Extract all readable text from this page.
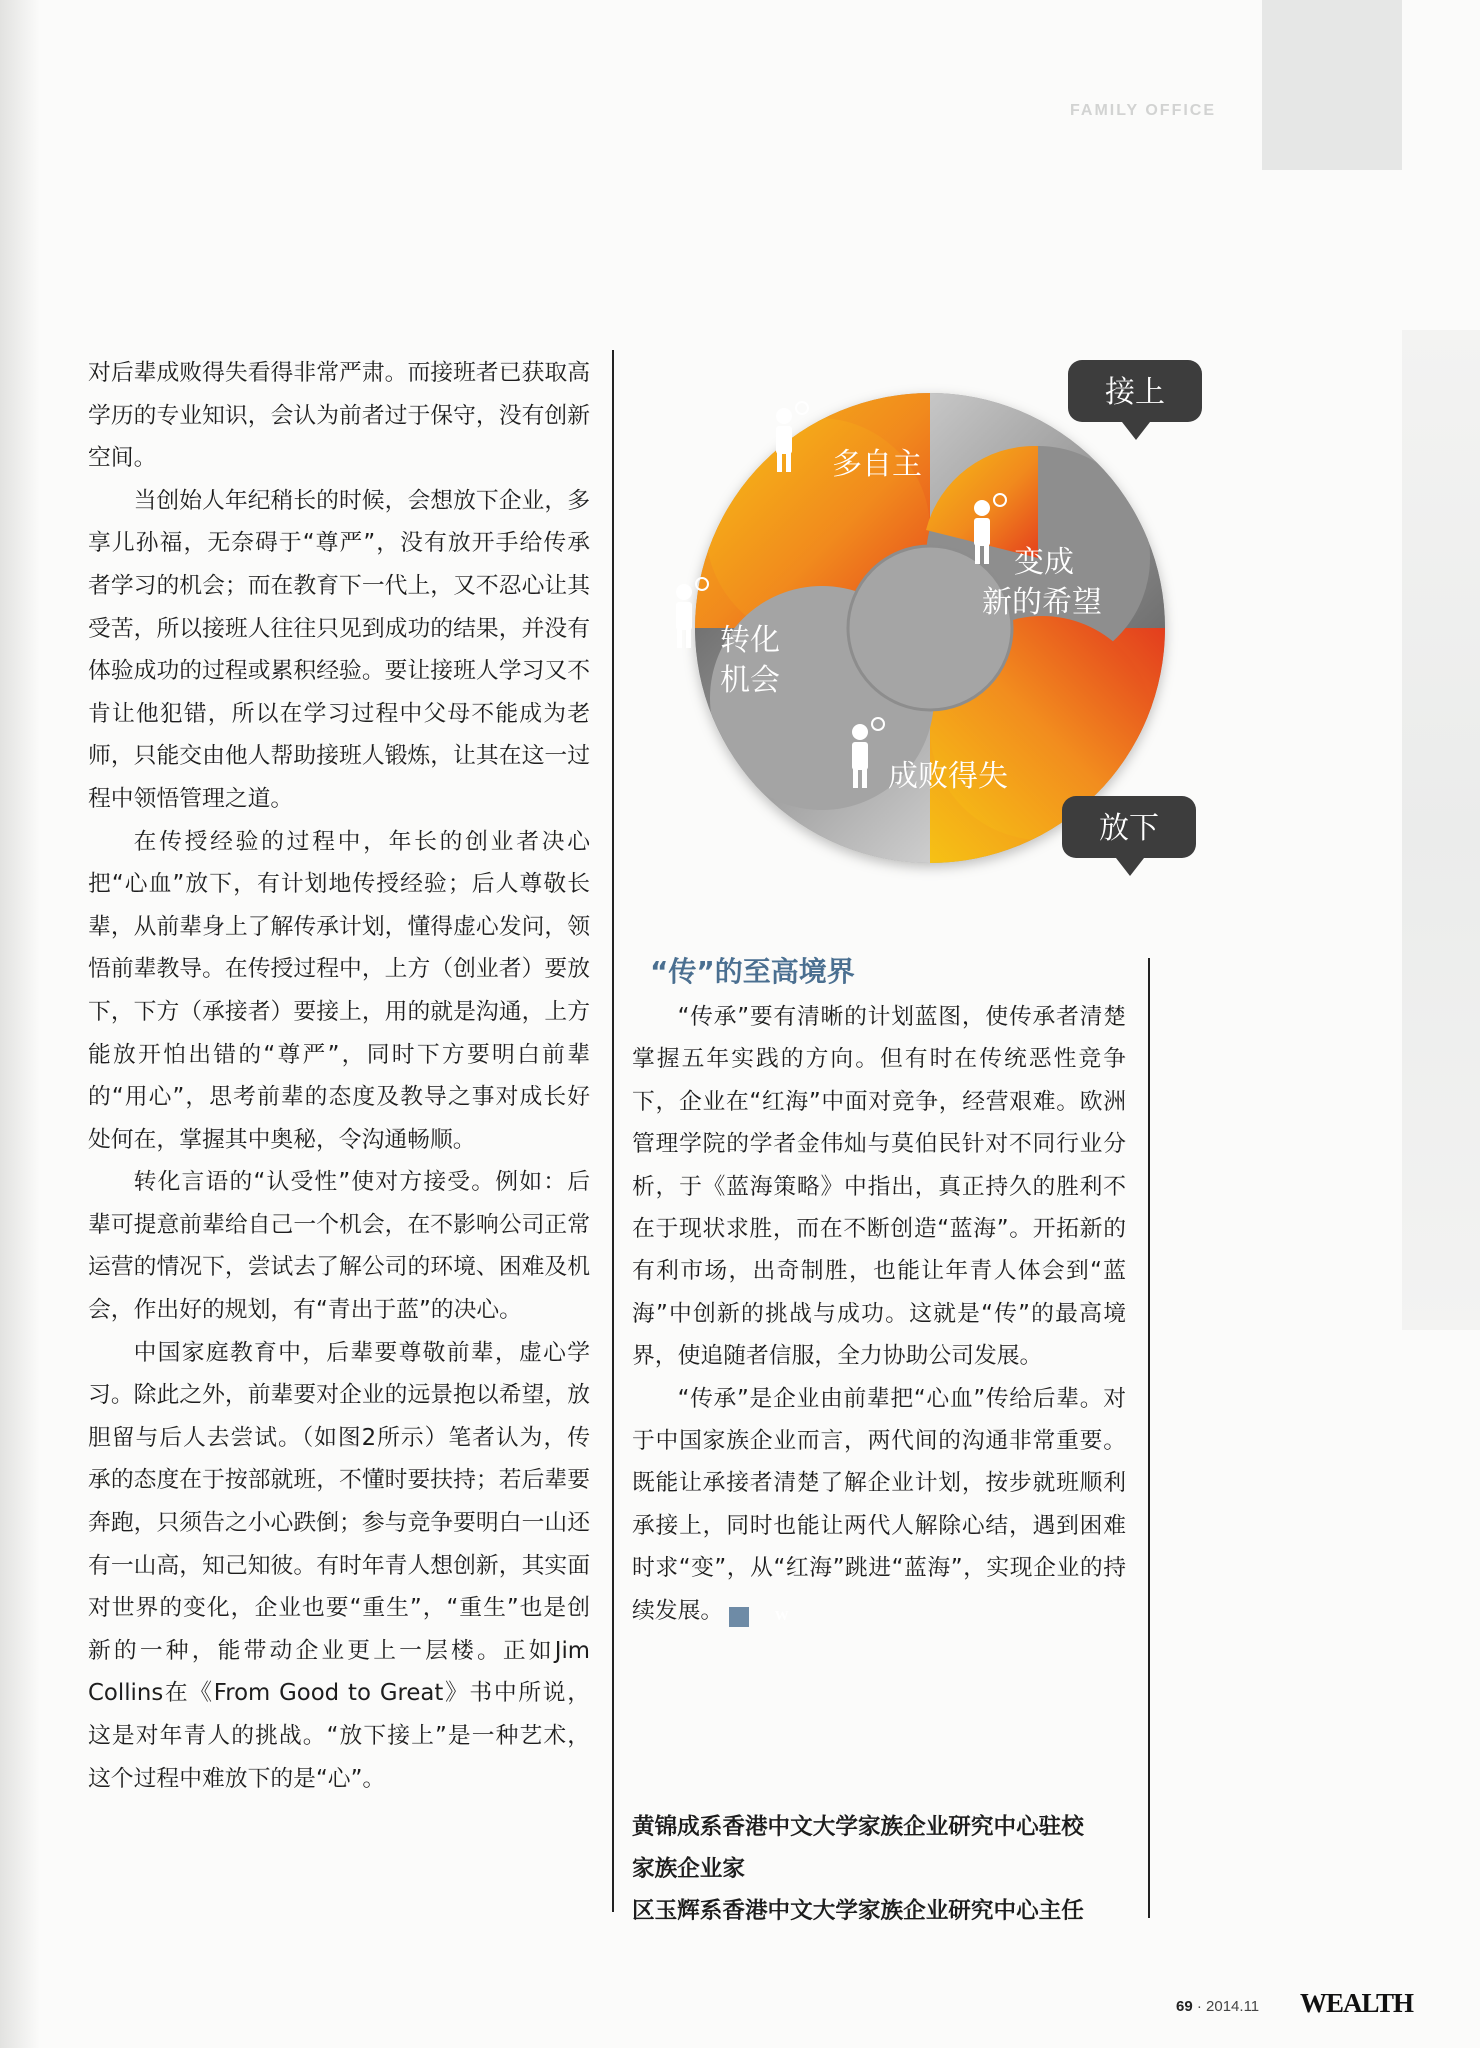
FAMILY OFFICE

对后辈成败得失看得非常严肃。而接班者已获取高学历的专业知识，会认为前者过于保守，没有创新空间。

当创始人年纪稍长的时候，会想放下企业，多享儿孙福，无奈碍于“尊严”，没有放开手给传承者学习的机会；而在教育下一代上，又不忍心让其受苦，所以接班人往往只见到成功的结果，并没有体验成功的过程或累积经验。要让接班人学习又不肯让他犯错，所以在学习过程中父母不能成为老师，只能交由他人帮助接班人锻炼，让其在这一过程中领悟管理之道。

在传授经验的过程中，年长的创业者决心把“心血”放下，有计划地传授经验；后人尊敬长辈，从前辈身上了解传承计划，懂得虚心发问，领悟前辈教导。在传授过程中，上方（创业者）要放下，下方（承接者）要接上，用的就是沟通，上方能放开怕出错的“尊严”，同时下方要明白前辈的“用心”，思考前辈的态度及教导之事对成长好处何在，掌握其中奥秘，令沟通畅顺。

转化言语的“认受性”使对方接受。例如：后辈可提意前辈给自己一个机会，在不影响公司正常运营的情况下，尝试去了解公司的环境、困难及机会，作出好的规划，有“青出于蓝”的决心。

中国家庭教育中，后辈要尊敬前辈，虚心学习。除此之外，前辈要对企业的远景抱以希望，放胆留与后人去尝试。（如图2所示）笔者认为，传承的态度在于按部就班，不懂时要扶持；若后辈要奔跑，只须告之小心跌倒；参与竞争要明白一山还有一山高，知己知彼。有时年青人想创新，其实面对世界的变化，企业也要“重生”，“重生”也是创新的一种，能带动企业更上一层楼。正如Jim Collins在《From Good to Great》书中所说，这是对年青人的挑战。“放下接上”是一种艺术，这个过程中难放下的是“心”。

多自主
变成
新的希望
转化
机会
成败得失
接上
放下
“传”的至高境界

“传承”要有清晰的计划蓝图，使传承者清楚掌握五年实践的方向。但有时在传统恶性竞争下，企业在“红海”中面对竞争，经营艰难。欧洲管理学院的学者金伟灿与莫伯民针对不同行业分析，于《蓝海策略》中指出，真正持久的胜利不在于现状求胜，而在不断创造“蓝海”。开拓新的有利市场，出奇制胜，也能让年青人体会到“蓝海”中创新的挑战与成功。这就是“传”的最高境界，使追随者信服，全力协助公司发展。

“传承”是企业由前辈把“心血”传给后辈。对于中国家族企业而言，两代间的沟通非常重要。既能让承接者清楚了解企业计划，按步就班顺利承接上，同时也能让两代人解除心结，遇到困难时求“变”，从“红海”跳进“蓝海”，实现企业的持续发展。	W

黄锦成系香港中文大学家族企业研究中心驻校
家族企业家
区玉辉系香港中文大学家族企业研究中心主任
69 · 2014.11 WEALTH
